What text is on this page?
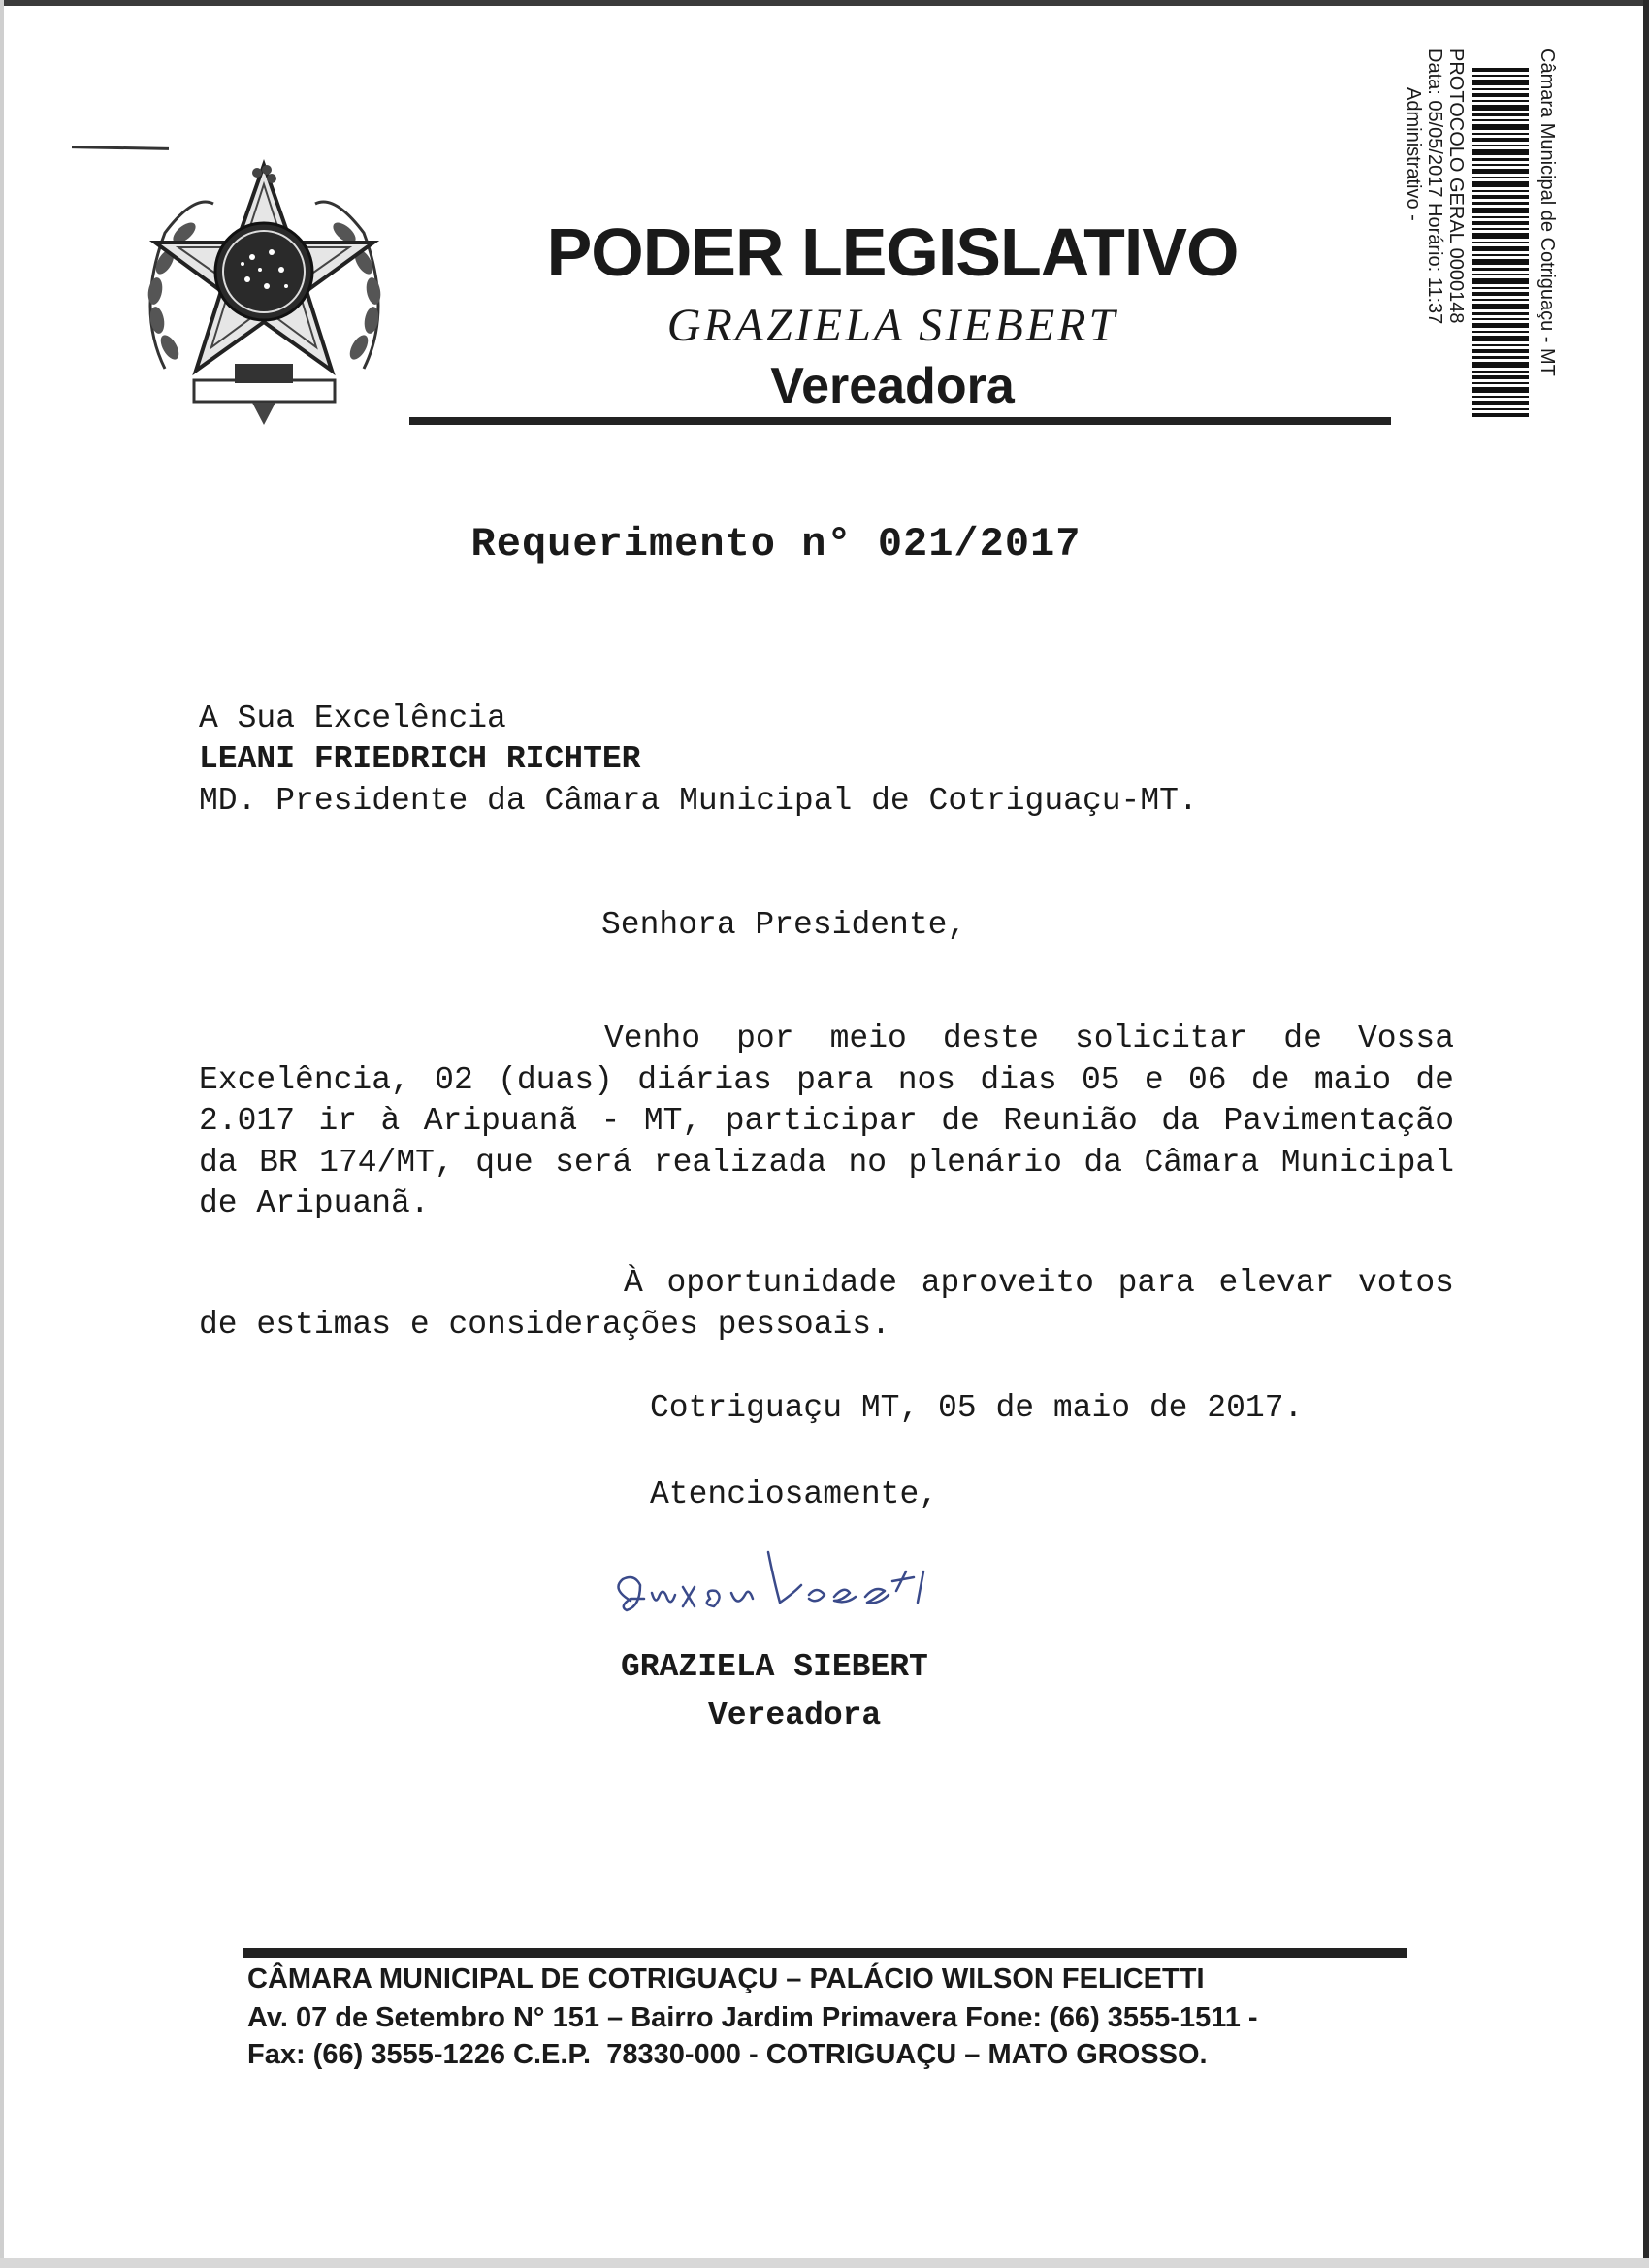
PODER LEGISLATIVO
GRAZIELA SIEBERT
Vereadora
Câmara Municipal de Cotriguaçu - MT
PROTOCOLO GERAL 0000148
Data: 05/05/2017 Horário: 11:37
Administrativo -
Requerimento n° 021/2017
A Sua Excelência
LEANI FRIEDRICH RICHTER
MD. Presidente da Câmara Municipal de Cotriguaçu-MT.
Senhora Presidente,
Venho por meio deste solicitar de Vossa Excelência, 02 (duas) diárias para nos dias 05 e 06 de maio de 2.017 ir à Aripuanã - MT, participar de Reunião da Pavimentação da BR 174/MT, que será realizada no plenário da Câmara Municipal de Aripuanã.
À oportunidade aproveito para elevar votos de estimas e considerações pessoais.
Cotriguaçu MT, 05 de maio de 2017.
Atenciosamente,
GRAZIELA SIEBERT
Vereadora
CÂMARA MUNICIPAL DE COTRIGUAÇU – PALÁCIO WILSON FELICETTI
Av. 07 de Setembro N° 151 – Bairro Jardim Primavera Fone: (66) 3555-1511 -
Fax: (66) 3555-1226 C.E.P.  78330-000 - COTRIGUAÇU – MATO GROSSO.
